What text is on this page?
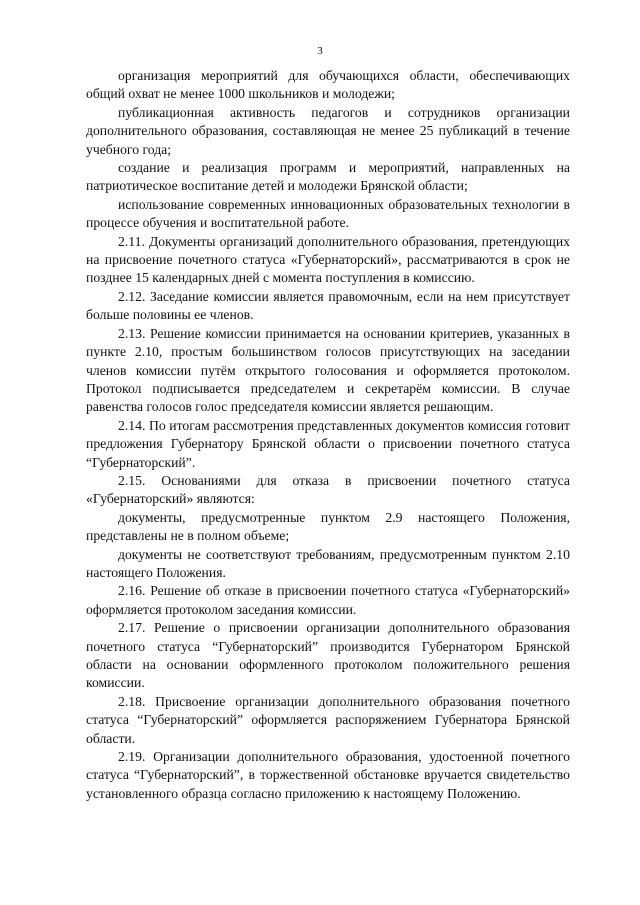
3

организация мероприятий для обучающихся области, обеспечивающих общий охват не менее 1000 школьников и молодежи;

публикационная активность педагогов и сотрудников организации дополнительного образования, составляющая не менее 25 публикаций в течение учебного года;

создание и реализация программ и мероприятий, направленных на патриотическое воспитание детей и молодежи Брянской области;

использование современных инновационных образовательных технологии в процессе обучения и воспитательной работе.

2.11. Документы организаций дополнительного образования, претендующих на присвоение почетного статуса «Губернаторский», рассматриваются в срок не позднее 15 календарных дней с момента поступления в комиссию.

2.12. Заседание комиссии является правомочным, если на нем присутствует больше половины ее членов.

2.13. Решение комиссии принимается на основании критериев, указанных в пункте 2.10, простым большинством голосов присутствующих на заседании членов комиссии путём открытого голосования и оформляется протоколом. Протокол подписывается председателем и секретарём комиссии. В случае равенства голосов голос председателя комиссии является решающим.

2.14. По итогам рассмотрения представленных документов комиссия готовит предложения Губернатору Брянской области о присвоении почетного статуса “Губернаторский”.

2.15. Основаниями для отказа в присвоении почетного статуса «Губернаторский» являются:

документы, предусмотренные пунктом 2.9 настоящего Положения, представлены не в полном объеме;

документы не соответствуют требованиям, предусмотренным пунктом 2.10 настоящего Положения.

2.16. Решение об отказе в присвоении почетного статуса «Губернаторский» оформляется протоколом заседания комиссии.

2.17. Решение о присвоении организации дополнительного образования почетного статуса “Губернаторский” производится Губернатором Брянской области на основании оформленного протоколом положительного решения комиссии.

2.18. Присвоение организации дополнительного образования почетного статуса “Губернаторский” оформляется распоряжением Губернатора Брянской области.

2.19. Организации дополнительного образования, удостоенной почетного статуса “Губернаторский”, в торжественной обстановке вручается свидетельство установленного образца согласно приложению к настоящему Положению.
